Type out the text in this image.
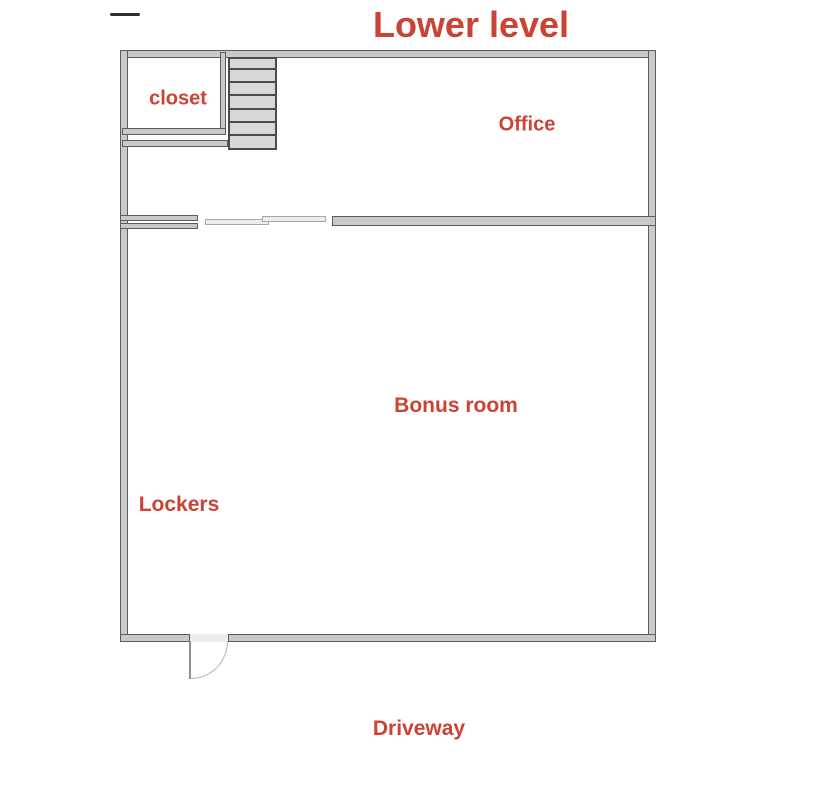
Lower level
closet
Office
Bonus room
Lockers
Driveway
